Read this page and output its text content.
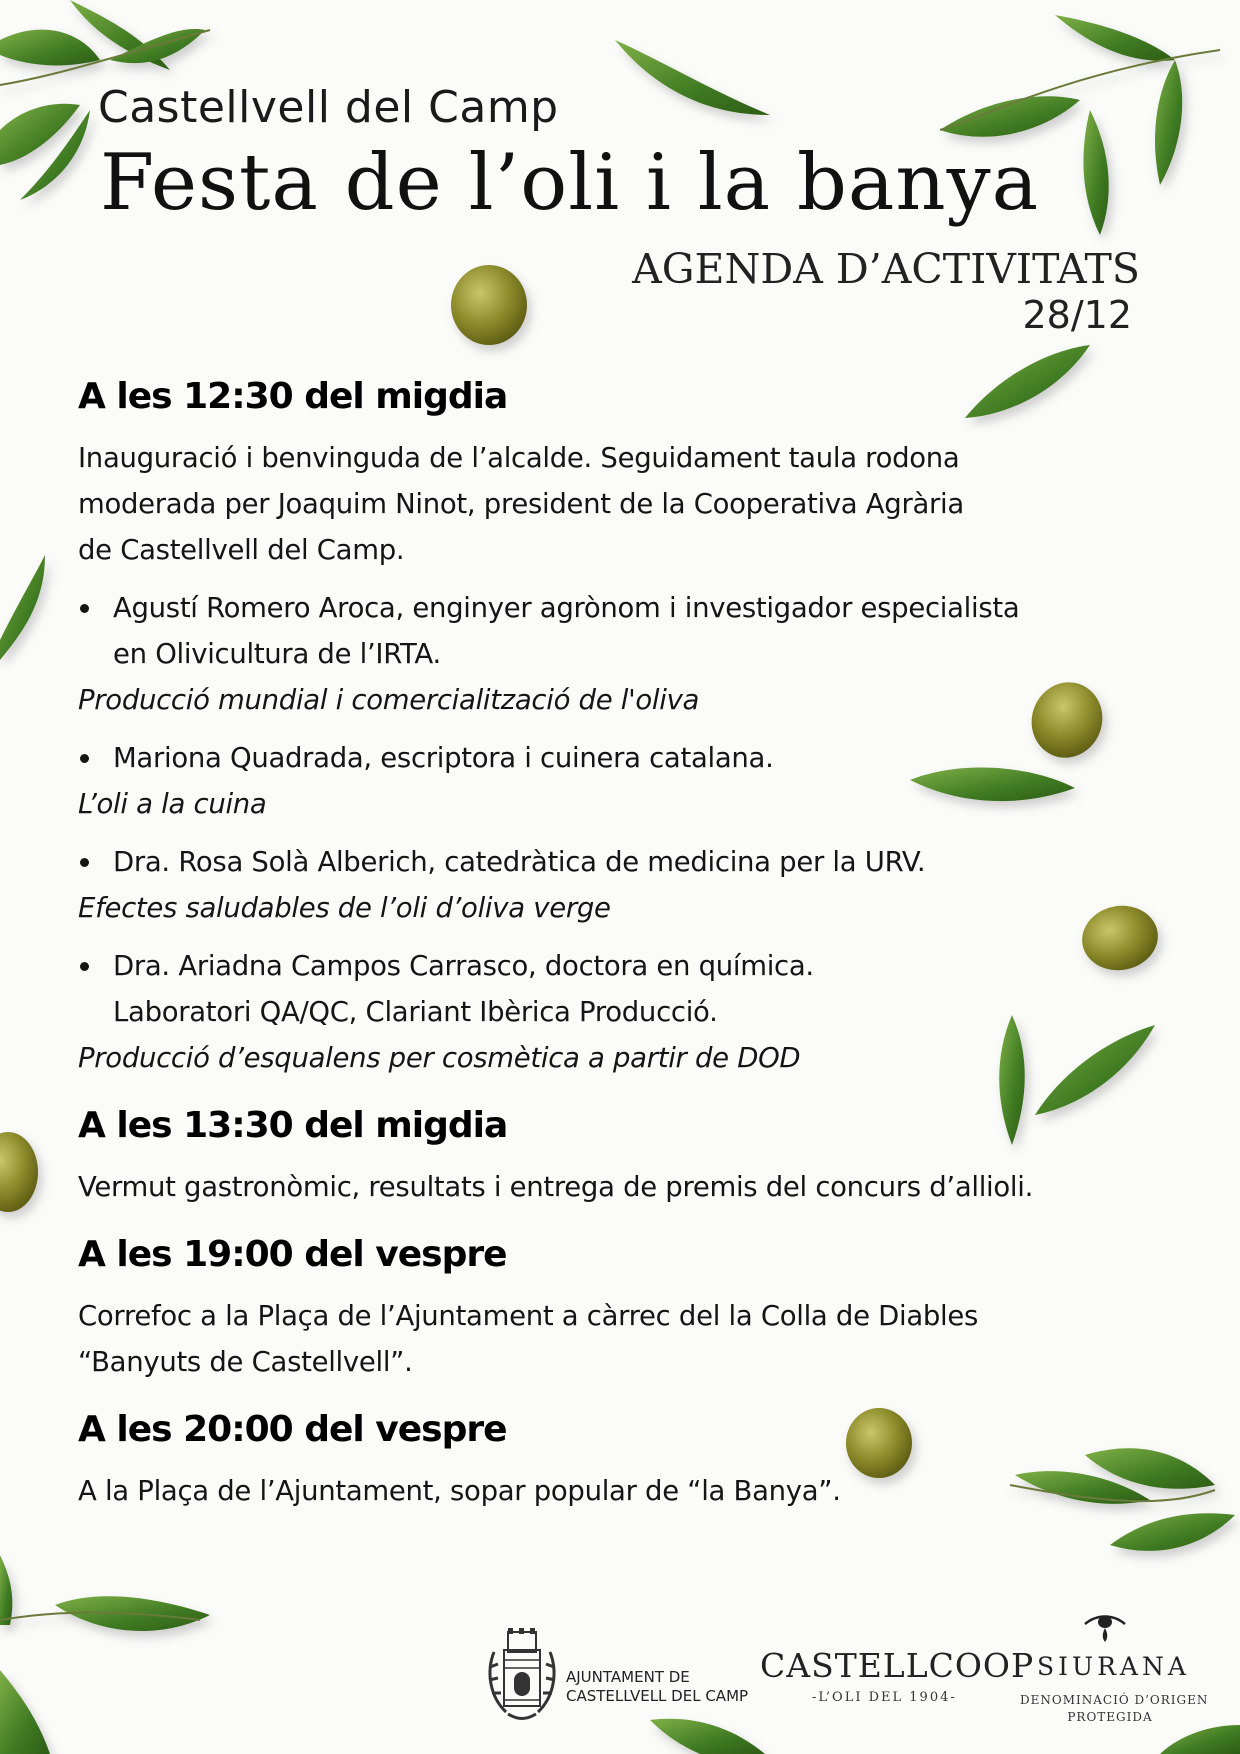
Castellvell del Camp
Festa de l’oli i la banya
AGENDA D’ACTIVITATS
28/12
A les 12:30 del migdia

Inauguració i benvinguda de l’alcalde. Seguidament taula rodona

moderada per Joaquim Ninot, president de la Cooperativa Agrària

de Castellvell del Camp.

Agustí Romero Aroca, enginyer agrònom i investigador especialista

en Olivicultura de l’IRTA.

Producció mundial i comercialització de l'oliva

Mariona Quadrada, escriptora i cuinera catalana.

L’oli a la cuina

Dra. Rosa Solà Alberich, catedràtica de medicina per la URV.

Efectes saludables de l’oli d’oliva verge

Dra. Ariadna Campos Carrasco, doctora en química.

Laboratori QA/QC, Clariant Ibèrica Producció.

Producció d’esqualens per cosmètica a partir de DOD

A les 13:30 del migdia

Vermut gastronòmic, resultats i entrega de premis del concurs d’allioli.

A les 19:00 del vespre

Correfoc a la Plaça de l’Ajuntament a càrrec del la Colla de Diables

“Banyuts de Castellvell”.

A les 20:00 del vespre

A la Plaça de l’Ajuntament, sopar popular de “la Banya”.

AJUNTAMENT DE
CASTELLVELL DEL CAMP
CASTELLCOOP
-L’OLI DEL 1904-
SIURANA
DENOMINACIÓ D’ORIGEN
PROTEGIDA
